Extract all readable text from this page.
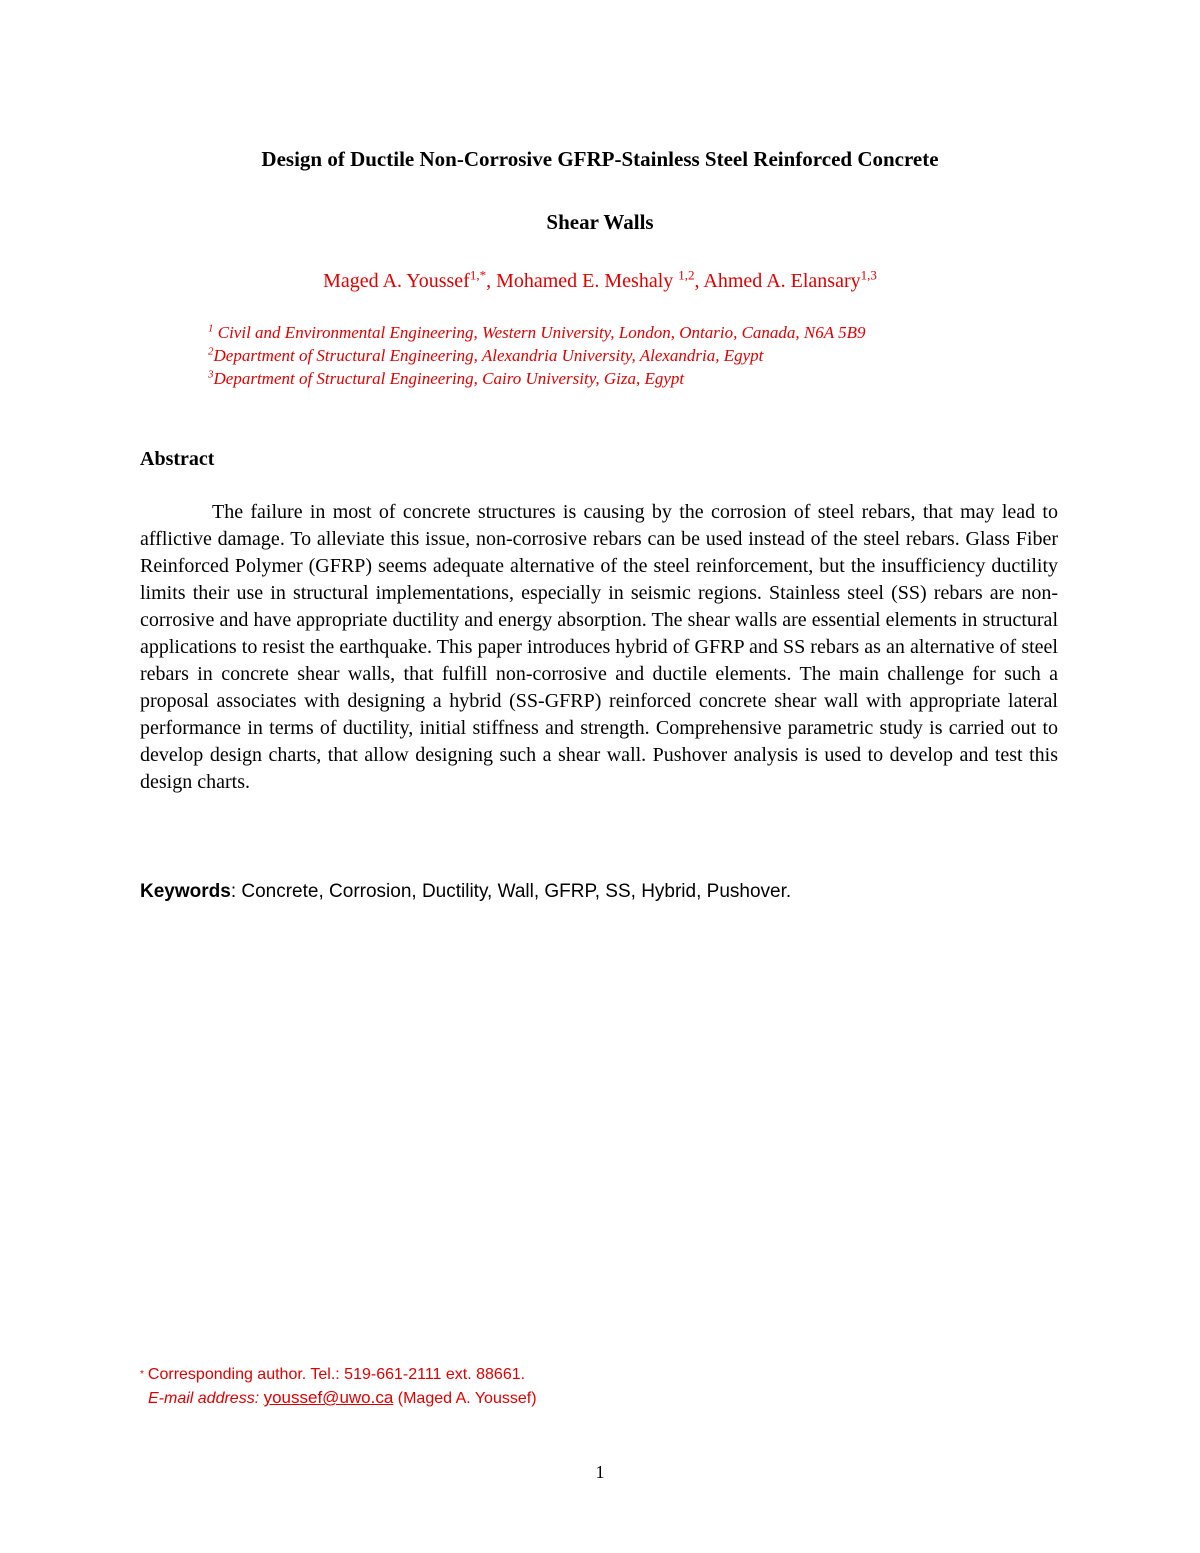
Design of Ductile Non-Corrosive GFRP-Stainless Steel Reinforced Concrete
Shear Walls
Maged A. Youssef$^{1,*}$, Mohamed E. Meshaly $^{1,2}$, Ahmed A. Elansary$^{1,3}$
$^1$ Civil and Environmental Engineering, Western University, London, Ontario, Canada, N6A 5B9
$^2$Department of Structural Engineering, Alexandria University, Alexandria, Egypt
$^3$Department of Structural Engineering, Cairo University, Giza, Egypt
Abstract

The failure in most of concrete structures is causing by the corrosion of steel rebars, that may lead to afflictive damage. To alleviate this issue, non-corrosive rebars can be used instead of the steel rebars. Glass Fiber Reinforced Polymer (GFRP) seems adequate alternative of the steel reinforcement, but the insufficiency ductility limits their use in structural implementations, especially in seismic regions. Stainless steel (SS) rebars are non-corrosive and have appropriate ductility and energy absorption. The shear walls are essential elements in structural applications to resist the earthquake. This paper introduces hybrid of GFRP and SS rebars as an alternative of steel rebars in concrete shear walls, that fulfill non-corrosive and ductile elements. The main challenge for such a proposal associates with designing a hybrid (SS-GFRP) reinforced concrete shear wall with appropriate lateral performance in terms of ductility, initial stiffness and strength. Comprehensive parametric study is carried out to develop design charts, that allow designing such a shear wall. Pushover analysis is used to develop and test this design charts.

Keywords: Concrete, Corrosion, Ductility, Wall, GFRP, SS, Hybrid, Pushover.
* Corresponding author. Tel.: 519-661-2111 ext. 88661.
E-mail address: youssef@uwo.ca (Maged A. Youssef)
1
